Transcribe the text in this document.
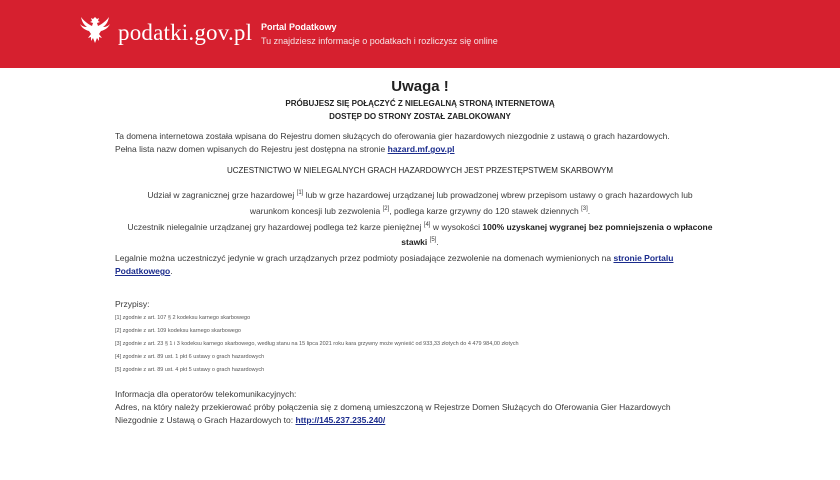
podatki.gov.pl Portal Podatkowy
Tu znajdziesz informacje o podatkach i rozliczysz się online
Uwaga !
PRÓBUJESZ SIĘ POŁĄCZYĆ Z NIELEGALNĄ STRONĄ INTERNETOWĄ
DOSTĘP DO STRONY ZOSTAŁ ZABLOKOWANY
Ta domena internetowa została wpisana do Rejestru domen służących do oferowania gier hazardowych niezgodnie z ustawą o grach hazardowych.
Pełna lista nazw domen wpisanych do Rejestru jest dostępna na stronie hazard.mf.gov.pl
UCZESTNICTWO W NIELEGALNYCH GRACH HAZARDOWYCH JEST PRZESTĘPSTWEM SKARBOWYM
Udział w zagranicznej grze hazardowej [1] lub w grze hazardowej urządzanej lub prowadzonej wbrew przepisom ustawy o grach hazardowych lub
warunkom koncesji lub zezwolenia [2], podlega karze grzywny do 120 stawek dziennych [3].
Uczestnik nielegalnie urządzanej gry hazardowej podlega też karze pieniężnej [4] w wysokości 100% uzyskanej wygranej bez pomniejszenia o wpłacone
stawki [5].
Legalnie można uczestniczyć jedynie w grach urządzanych przez podmioty posiadające zezwolenie na domenach wymienionych na stronie Portalu
Podatkowego.
Przypisy:
[1] zgodnie z art. 107 § 2 kodeksu karnego skarbowego
[2] zgodnie z art. 109 kodeksu karnego skarbowego
[3] zgodnie z art. 23 § 1 i 3 kodeksu karnego skarbowego, według stanu na 15 lipca 2021 roku kara grzywny może wynieść od 933,33 złotych do 4 479 984,00 złotych
[4] zgodnie z art. 89 ust. 1 pkt 6 ustawy o grach hazardowych
[5] zgodnie z art. 89 ust. 4 pkt 5 ustawy o grach hazardowych
Informacja dla operatorów telekomunikacyjnych:
Adres, na który należy przekierować próby połączenia się z domeną umieszczoną w Rejestrze Domen Służących do Oferowania Gier Hazardowych
Niezgodnie z Ustawą o Grach Hazardowych to: http://145.237.235.240/
